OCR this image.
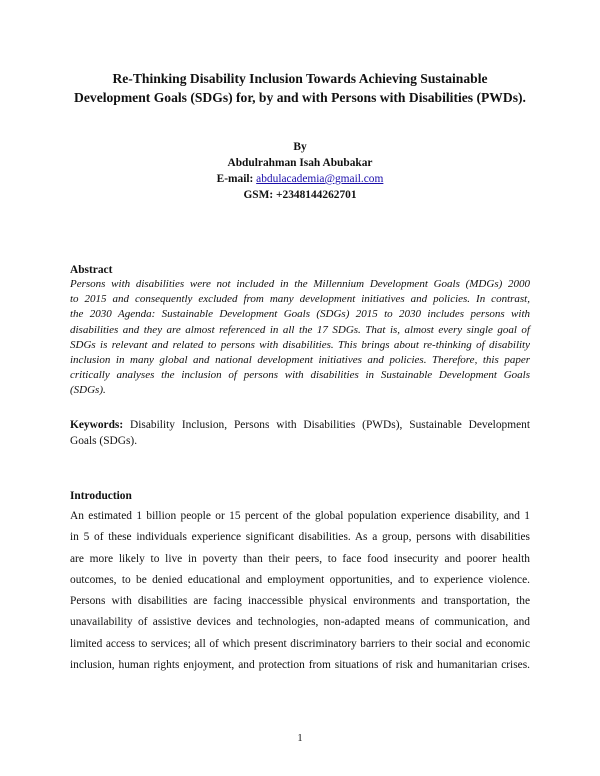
Re-Thinking Disability Inclusion Towards Achieving Sustainable
Development Goals (SDGs) for, by and with Persons with Disabilities (PWDs).
By
Abdulrahman Isah Abubakar
E-mail: abdulacademia@gmail.com
GSM: +2348144262701
Abstract
Persons with disabilities were not included in the Millennium Development Goals (MDGs) 2000
to 2015 and consequently excluded from many development initiatives and policies. In contrast,
the 2030 Agenda: Sustainable Development Goals (SDGs) 2015 to 2030 includes persons with
disabilities and they are almost referenced in all the 17 SDGs. That is, almost every single goal of
SDGs is relevant and related to persons with disabilities. This brings about re-thinking of disability
inclusion in many global and national development initiatives and policies. Therefore, this paper
critically analyses the inclusion of persons with disabilities in Sustainable Development Goals
(SDGs).
Keywords: Disability Inclusion, Persons with Disabilities (PWDs), Sustainable Development
Goals (SDGs).
Introduction
An estimated 1 billion people or 15 percent of the global population experience disability, and 1
in 5 of these individuals experience significant disabilities. As a group, persons with disabilities
are more likely to live in poverty than their peers, to face food insecurity and poorer health
outcomes, to be denied educational and employment opportunities, and to experience violence.
Persons with disabilities are facing inaccessible physical environments and transportation, the
unavailability of assistive devices and technologies, non-adapted means of communication, and
limited access to services; all of which present discriminatory barriers to their social and economic
inclusion, human rights enjoyment, and protection from situations of risk and humanitarian crises.
1
